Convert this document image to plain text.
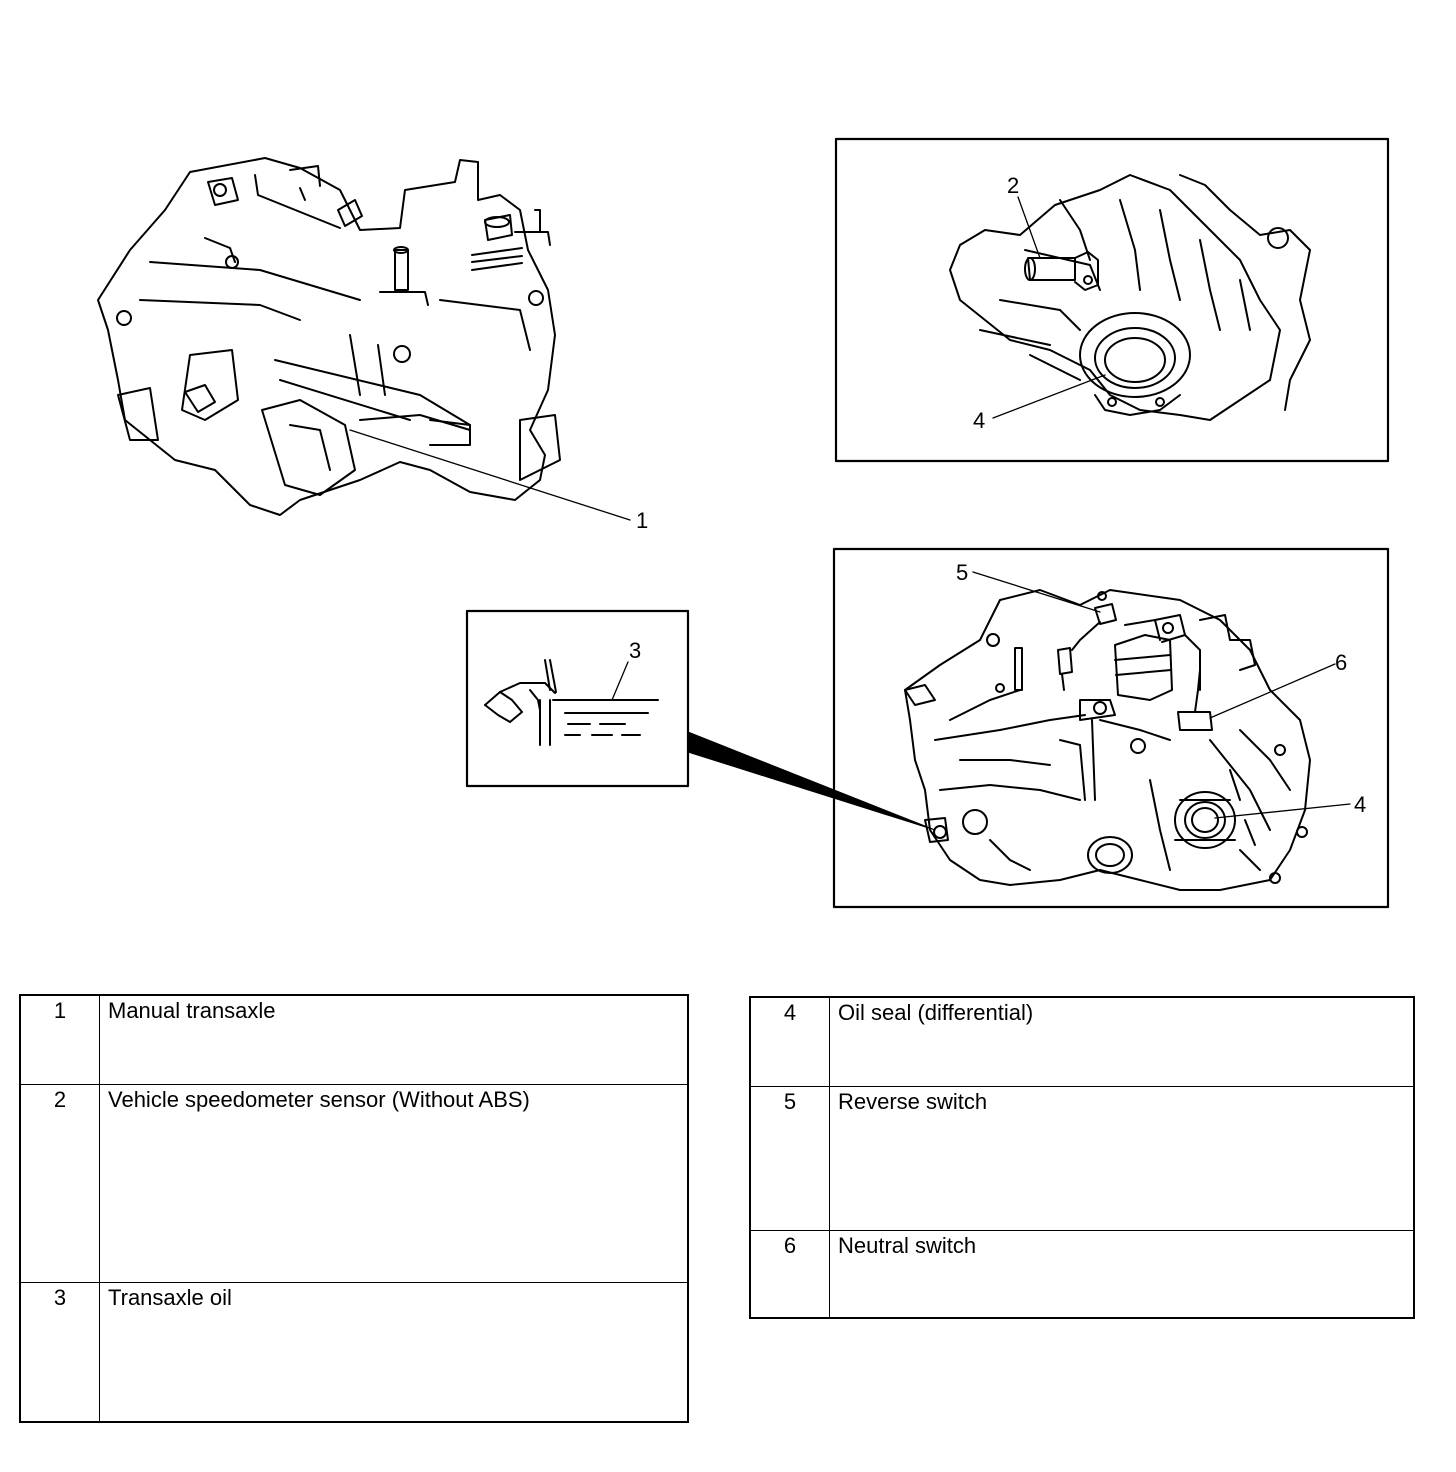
1
2
4
3
5
6
4
1	Manual transaxle
2	Vehicle speedometer sensor (Without ABS)
3	Transaxle oil
4	Oil seal (differential)
5	Reverse switch
6	Neutral switch
